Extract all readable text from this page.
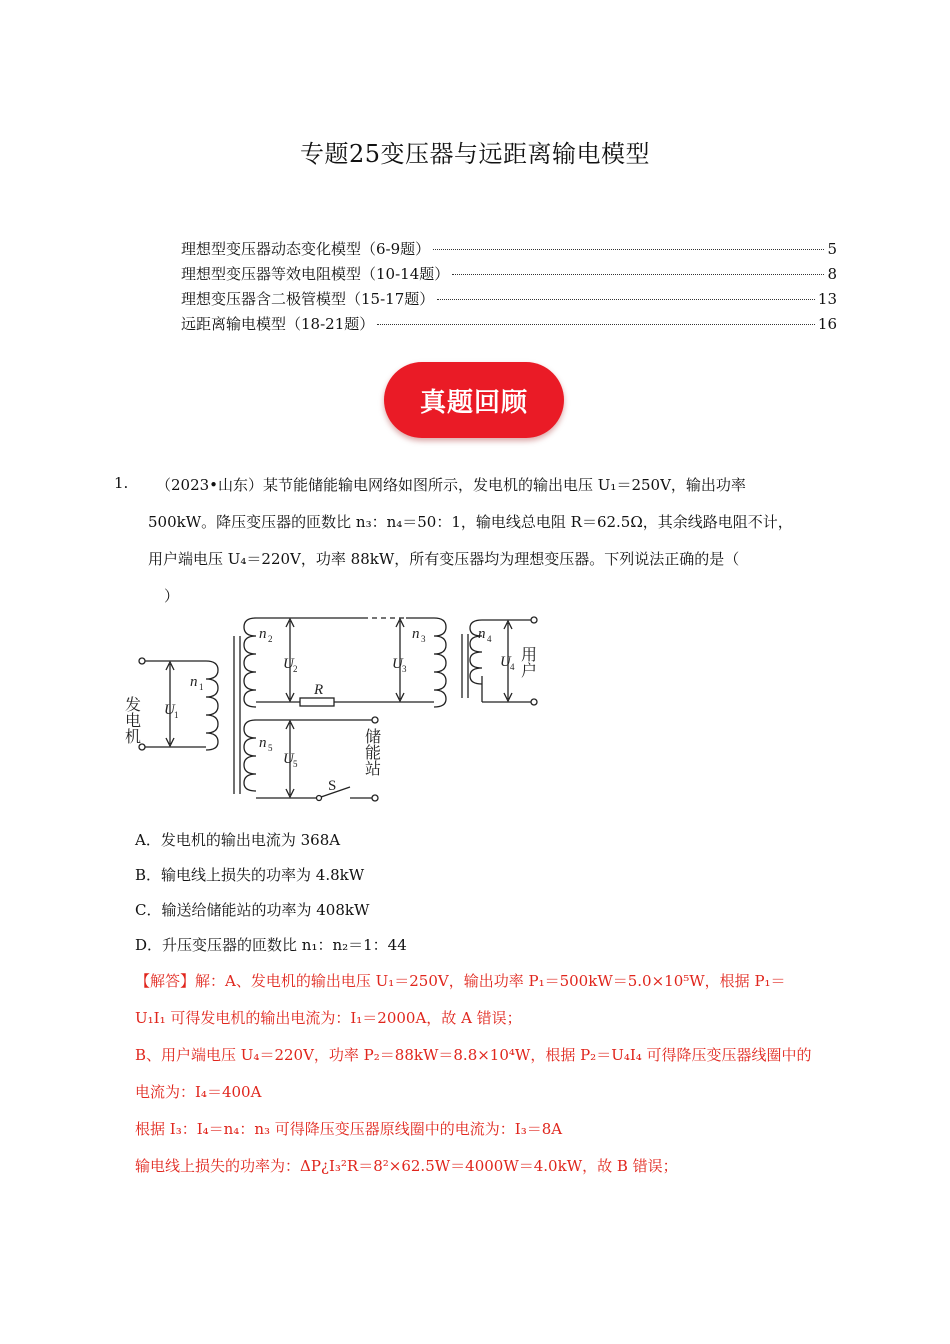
专题25变压器与远距离输电模型
理想型变压器动态变化模型（6-9题）	5
理想型变压器等效电阻模型（10-14题）	8
理想变压器含二极管模型（15-17题）	13
远距离输电模型（18-21题）	16
真题回顾
1. （2023•山东）某节能储能输电网络如图所示，发电机的输出电压 U₁＝250V，输出功率
500kW。降压变压器的匝数比 n₃：n₄＝50：1，输电线总电阻 R＝62.5Ω，其余线路电阻不计，
用户端电压 U₄＝220V，功率 88kW，所有变压器均为理想变压器。下列说法正确的是（
）
发电机
用户
储能站
n 1
U 1
n 2
U 2
n 3
U 3
n 4
U 4
n 5
U 5
R
S
A．发电机的输出电流为 368A
B．输电线上损失的功率为 4.8kW
C．输送给储能站的功率为 408kW
D．升压变压器的匝数比 n₁：n₂＝1：44
【解答】解：A、发电机的输出电压 U₁＝250V，输出功率 P₁＝500kW＝5.0×10⁵W，根据 P₁＝
U₁I₁ 可得发电机的输出电流为：I₁＝2000A，故 A 错误；
B、用户端电压 U₄＝220V，功率 P₂＝88kW＝8.8×10⁴W，根据 P₂＝U₄I₄ 可得降压变压器线圈中的
电流为：I₄＝400A
根据 I₃：I₄＝n₄：n₃ 可得降压变压器原线圈中的电流为：I₃＝8A
输电线上损失的功率为：ΔP¿I₃²R＝8²×62.5W＝4000W＝4.0kW，故 B 错误；
